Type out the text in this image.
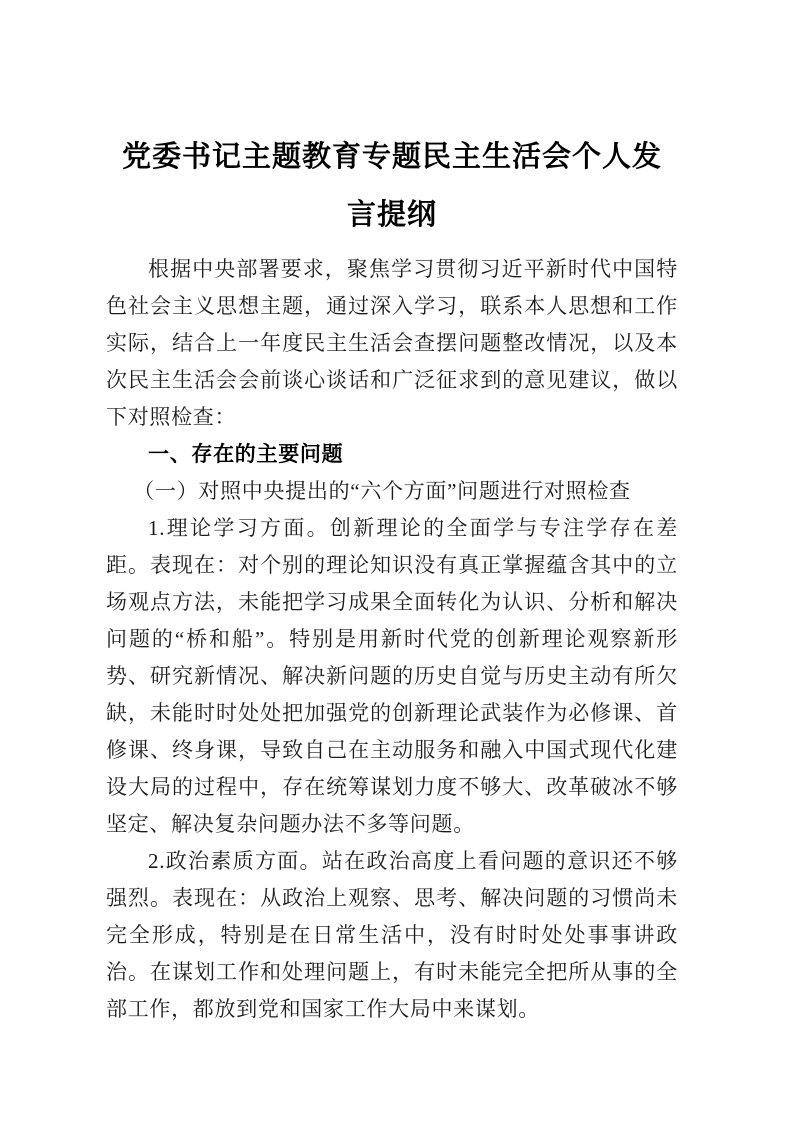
党委书记主题教育专题民主生活会个人发言提纲

根据中央部署要求，聚焦学习贯彻习近平新时代中国特色社会主义思想主题，通过深入学习，联系本人思想和工作实际，结合上一年度民主生活会查摆问题整改情况，以及本次民主生活会会前谈心谈话和广泛征求到的意见建议，做以下对照检查：

一、存在的主要问题

（一）对照中央提出的“六个方面”问题进行对照检查

1.理论学习方面。创新理论的全面学与专注学存在差距。表现在：对个别的理论知识没有真正掌握蕴含其中的立场观点方法，未能把学习成果全面转化为认识、分析和解决问题的“桥和船”。特别是用新时代党的创新理论观察新形势、研究新情况、解决新问题的历史自觉与历史主动有所欠缺，未能时时处处把加强党的创新理论武装作为必修课、首修课、终身课，导致自己在主动服务和融入中国式现代化建设大局的过程中，存在统筹谋划力度不够大、改革破冰不够坚定、解决复杂问题办法不多等问题。

2.政治素质方面。站在政治高度上看问题的意识还不够强烈。表现在：从政治上观察、思考、解决问题的习惯尚未完全形成，特别是在日常生活中，没有时时处处事事讲政治。在谋划工作和处理问题上，有时未能完全把所从事的全部工作，都放到党和国家工作大局中来谋划。
